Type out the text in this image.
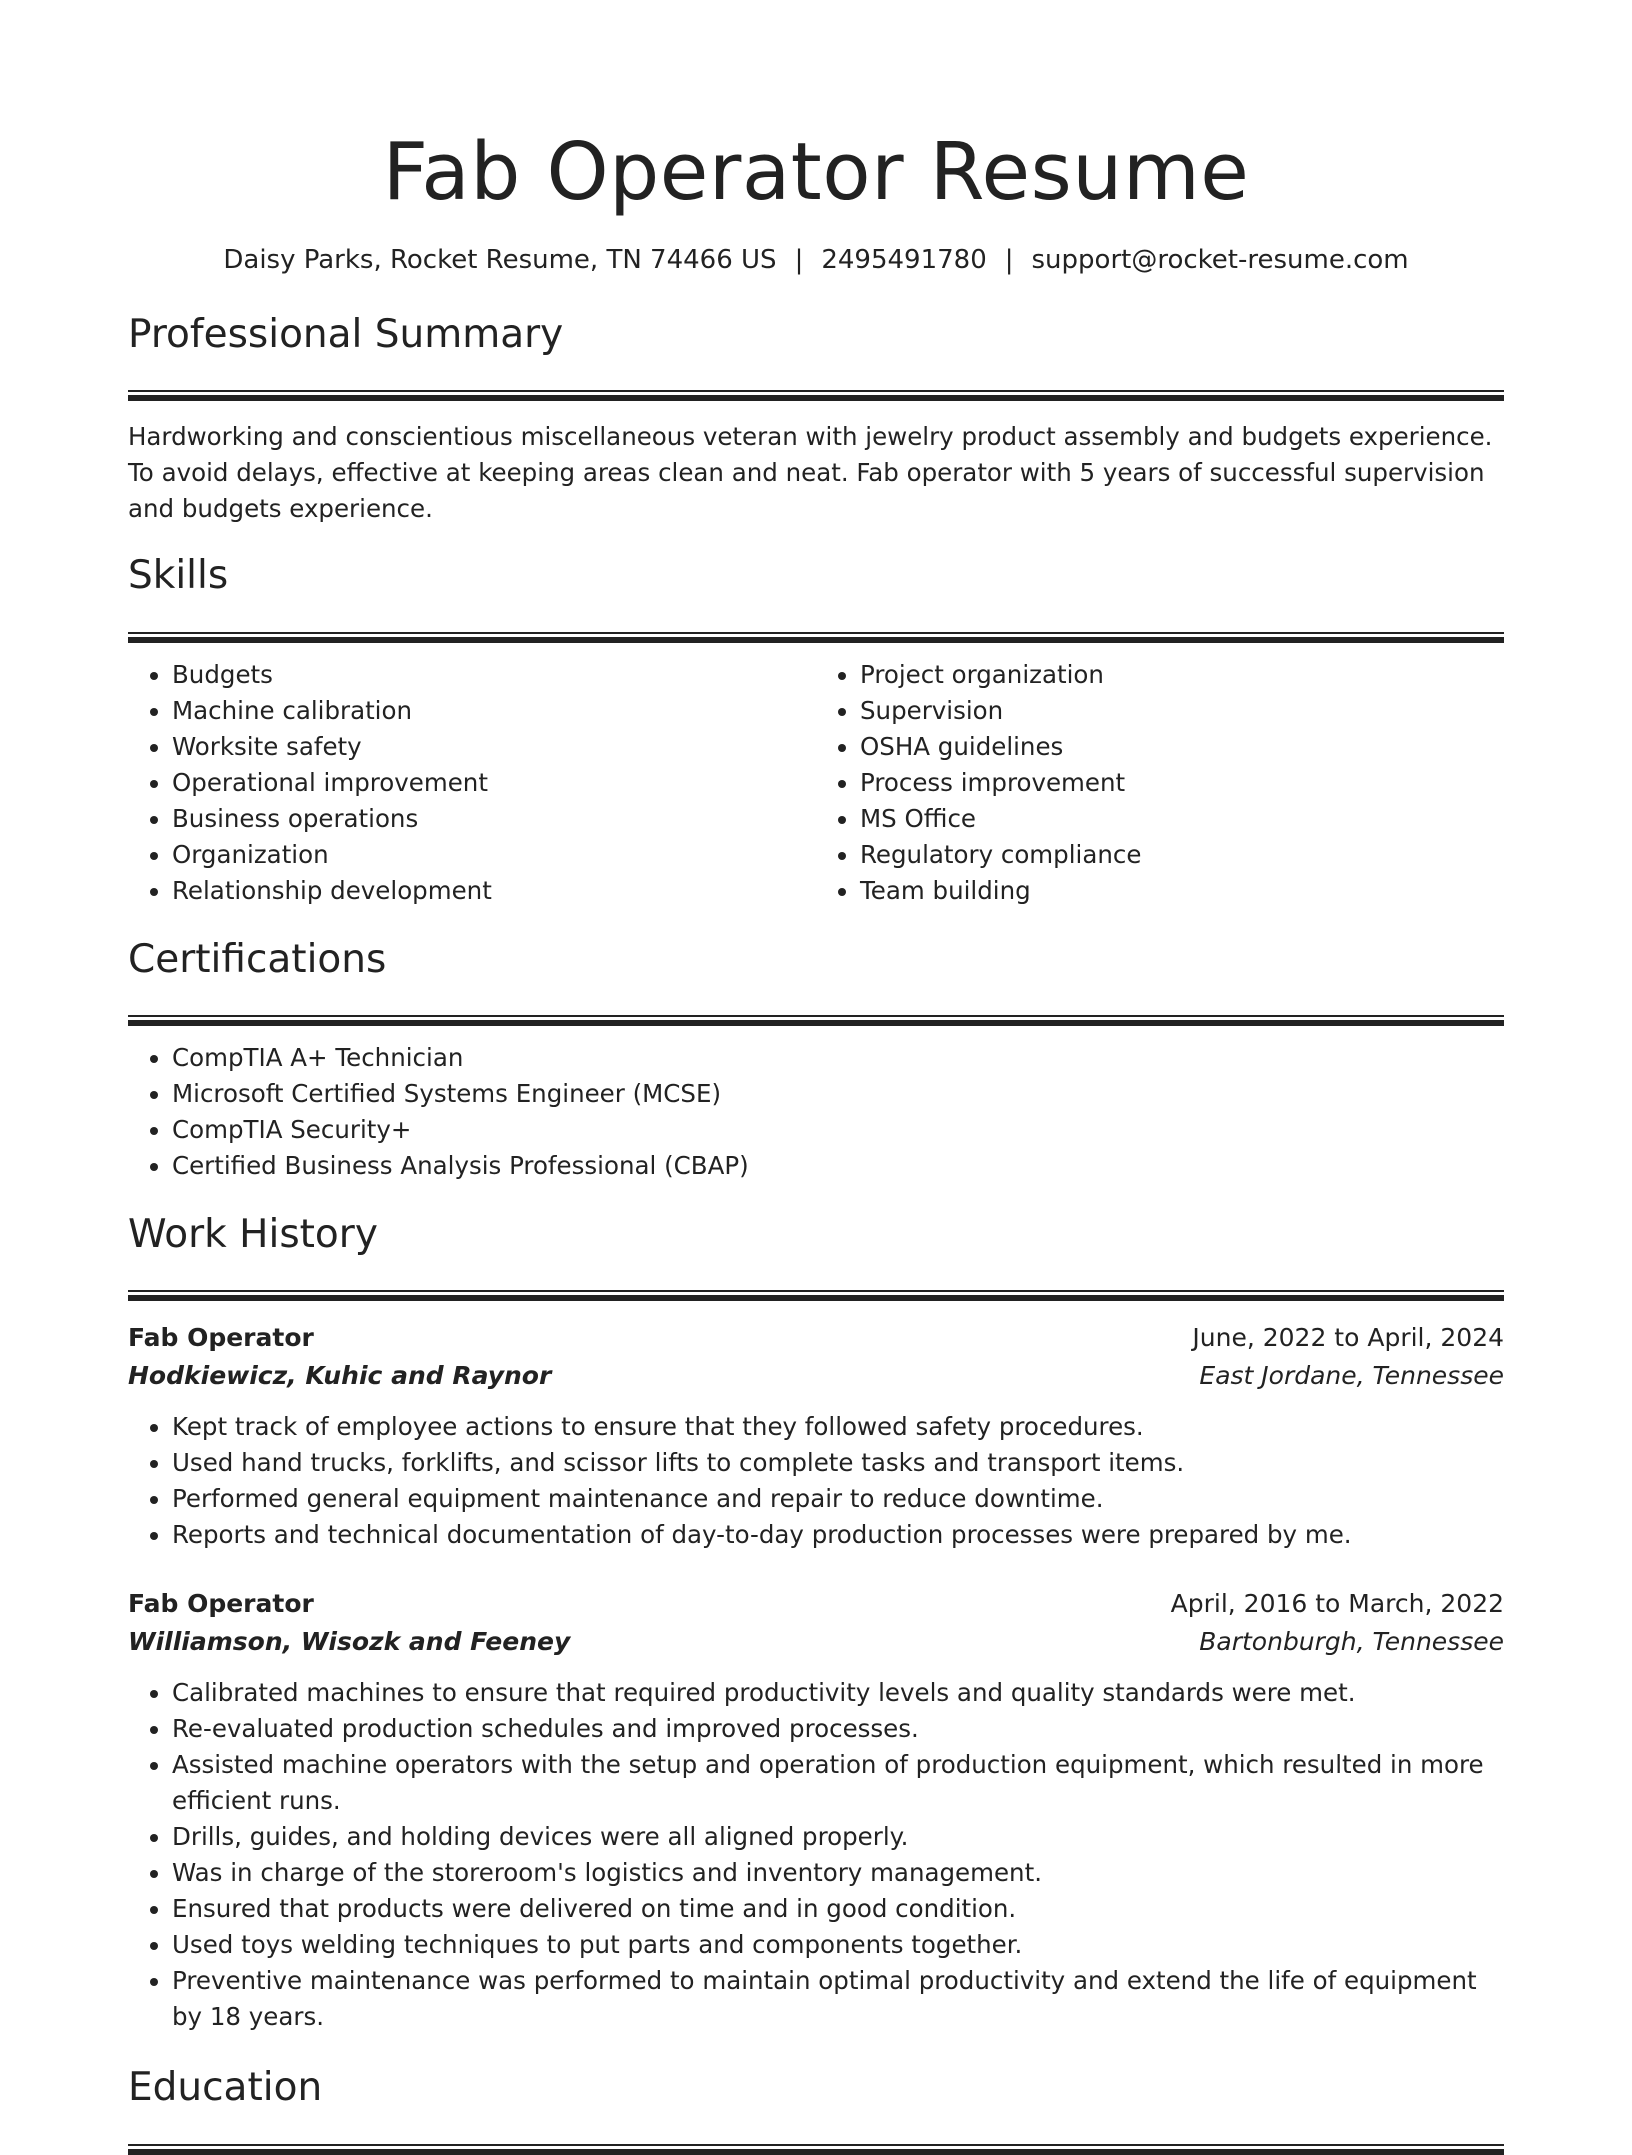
Fab Operator Resume
Daisy Parks, Rocket Resume, TN 74466 US | 2495491780 | support@rocket-resume.com
Professional Summary

Hardworking and conscientious miscellaneous veteran with jewelry product assembly and budgets experience. To avoid delays, effective at keeping areas clean and neat. Fab operator with 5 years of successful supervision and budgets experience.

Skills
• Budgets
• Machine calibration
• Worksite safety
• Operational improvement
• Business operations
• Organization
• Relationship development
• Project organization
• Supervision
• OSHA guidelines
• Process improvement
• MS Office
• Regulatory compliance
• Team building
Certifications
• CompTIA A+ Technician
• Microsoft Certified Systems Engineer (MCSE)
• CompTIA Security+
• Certified Business Analysis Professional (CBAP)
Work History
Fab Operator	June, 2022 to April, 2024
Hodkiewicz, Kuhic and Raynor	East Jordane, Tennessee
• Kept track of employee actions to ensure that they followed safety procedures.
• Used hand trucks, forklifts, and scissor lifts to complete tasks and transport items.
• Performed general equipment maintenance and repair to reduce downtime.
• Reports and technical documentation of day-to-day production processes were prepared by me.
Fab Operator	April, 2016 to March, 2022
Williamson, Wisozk and Feeney	Bartonburgh, Tennessee
• Calibrated machines to ensure that required productivity levels and quality standards were met.
• Re-evaluated production schedules and improved processes.
• Assisted machine operators with the setup and operation of production equipment, which resulted in more efficient runs.
• Drills, guides, and holding devices were all aligned properly.
• Was in charge of the storeroom's logistics and inventory management.
• Ensured that products were delivered on time and in good condition.
• Used toys welding techniques to put parts and components together.
• Preventive maintenance was performed to maintain optimal productivity and extend the life of equipment by 18 years.
Education
